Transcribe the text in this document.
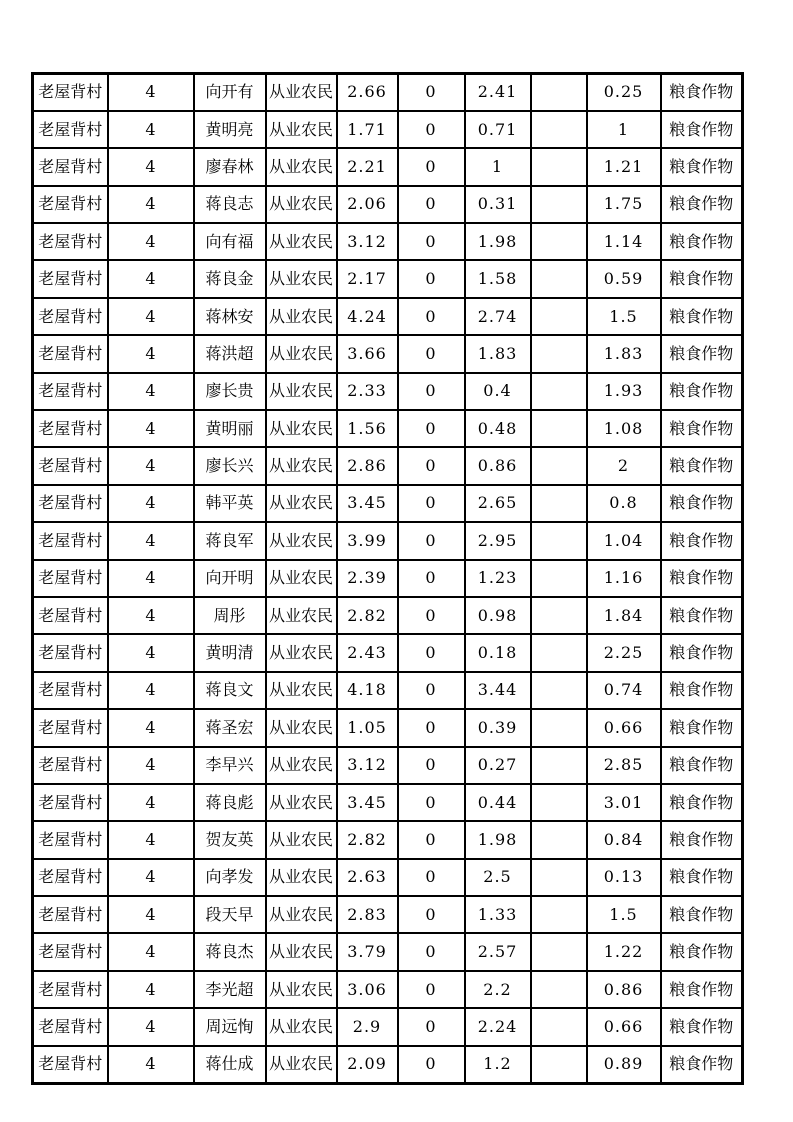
老屋背村	4	向开有	从业农民	2.66	0	2.41		0.25	粮食作物
老屋背村	4	黄明亮	从业农民	1.71	0	0.71		1	粮食作物
老屋背村	4	廖春林	从业农民	2.21	0	1		1.21	粮食作物
老屋背村	4	蒋良志	从业农民	2.06	0	0.31		1.75	粮食作物
老屋背村	4	向有福	从业农民	3.12	0	1.98		1.14	粮食作物
老屋背村	4	蒋良金	从业农民	2.17	0	1.58		0.59	粮食作物
老屋背村	4	蒋林安	从业农民	4.24	0	2.74		1.5	粮食作物
老屋背村	4	蒋洪超	从业农民	3.66	0	1.83		1.83	粮食作物
老屋背村	4	廖长贵	从业农民	2.33	0	0.4		1.93	粮食作物
老屋背村	4	黄明丽	从业农民	1.56	0	0.48		1.08	粮食作物
老屋背村	4	廖长兴	从业农民	2.86	0	0.86		2	粮食作物
老屋背村	4	韩平英	从业农民	3.45	0	2.65		0.8	粮食作物
老屋背村	4	蒋良军	从业农民	3.99	0	2.95		1.04	粮食作物
老屋背村	4	向开明	从业农民	2.39	0	1.23		1.16	粮食作物
老屋背村	4	周彤	从业农民	2.82	0	0.98		1.84	粮食作物
老屋背村	4	黄明清	从业农民	2.43	0	0.18		2.25	粮食作物
老屋背村	4	蒋良文	从业农民	4.18	0	3.44		0.74	粮食作物
老屋背村	4	蒋圣宏	从业农民	1.05	0	0.39		0.66	粮食作物
老屋背村	4	李早兴	从业农民	3.12	0	0.27		2.85	粮食作物
老屋背村	4	蒋良彪	从业农民	3.45	0	0.44		3.01	粮食作物
老屋背村	4	贺友英	从业农民	2.82	0	1.98		0.84	粮食作物
老屋背村	4	向孝发	从业农民	2.63	0	2.5		0.13	粮食作物
老屋背村	4	段天早	从业农民	2.83	0	1.33		1.5	粮食作物
老屋背村	4	蒋良杰	从业农民	3.79	0	2.57		1.22	粮食作物
老屋背村	4	李光超	从业农民	3.06	0	2.2		0.86	粮食作物
老屋背村	4	周远恂	从业农民	2.9	0	2.24		0.66	粮食作物
老屋背村	4	蒋仕成	从业农民	2.09	0	1.2		0.89	粮食作物
